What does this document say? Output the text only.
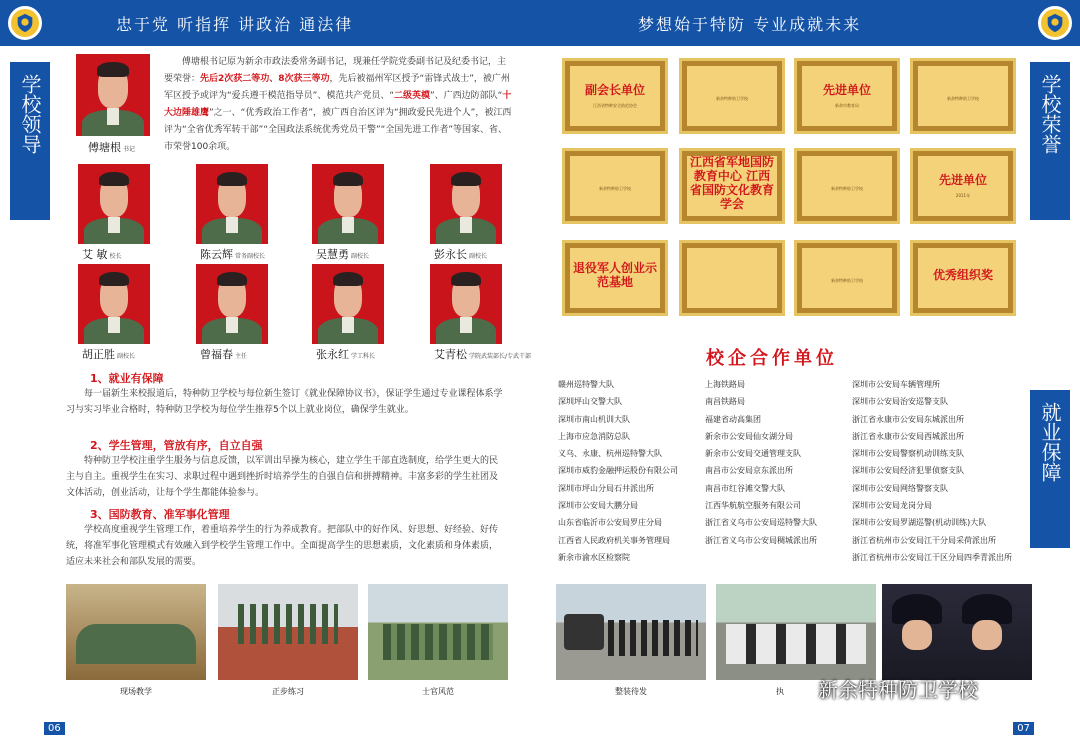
忠于党 听指挥 讲政治 通法律	梦想始于特防 专业成就未来
学校领导	学校荣誉
就业保障
傅塘根 书记
傅塘根书记原为新余市政法委常务副书记，现兼任学院党委副书记及纪委书记，主要荣誉：先后2次获二等功、8次获三等功，先后被福州军区授予“雷锋式战士”，被广州军区授予或评为“爱兵遵干模范指导员”、模范共产党员、“二级英模”、广西边防部队“十大边陲雄鹰”之一、“优秀政治工作者”，被广西自治区评为“拥政爱民先进个人”，被江西评为“全省优秀军转干部”“全国政法系统优秀党员干警”“全国先进工作者”等国家、省、市荣誉100余项。
艾 敏 校长	陈云辉 常务副校长	吴慧勇 副校长	彭永长 副校长
胡正胜 副校长	曾福春 主任	张永红 学工科长	艾青松 学院武装部长/专武干部
1、就业有保障
每一届新生来校报道后，特种防卫学校与每位新生签订《就业保障协议书》，保证学生通过专业课程体系学习与实习毕业合格时，特种防卫学校为每位学生推荐5个以上就业岗位，确保学生就业。
2、学生管理，管放有序，自立自强
特种防卫学校注重学生服务与信息反馈，以军训出早操为核心，建立学生干部直选制度，给学生更大的民主与自主。重视学生在实习、求职过程中遇到挫折时培养学生的自强自信和拼搏精神。丰富多彩的学生社团及文体活动，创业活动，让每个学生都能体验参与。
3、国防教育、准军事化管理
学校高度重视学生管理工作，着重培养学生的行为养成教育。把部队中的好作风、好思想、好经验、好传统，将准军事化管理模式有效融入到学校学生管理工作中。全面提高学生的思想素质，文化素质和身体素质，适应未来社会和部队发展的需要。
现场教学	正步练习	士官风范
副会长单位
江西省特种安全防范协会
新余特种防卫学校
先进单位
新余市教育局
新余特种防卫学校
新余特种防卫学校
江西省军地国防教育中心 江西省国防文化教育学会
新余特种防卫学校
先进单位
2011年
退役军人创业示范基地	新余特种防卫学校	优秀组织奖
校企合作单位
赣州巡特警大队
深圳坪山交警大队
深圳市南山机训大队
上海市应急消防总队
义乌、永康、杭州巡特警大队
深圳市威豹金融押运股份有限公司
深圳市坪山分局石井派出所
深圳市公安局大鹏分局
山东省临沂市公安局罗庄分局
江西省人民政府机关事务管理局
新余市渝水区检察院
上海铁路局
南昌铁路局
福建省动高集团
新余市公安局仙女湖分局
新余市公安局交通管理支队
南昌市公安局京东派出所
南昌市红谷滩交警大队
江西华航航空服务有限公司
浙江省义乌市公安局巡特警大队
浙江省义乌市公安局稠城派出所
深圳市公安局车辆管理所
深圳市公安局治安巡警支队
浙江省永康市公安局东城派出所
浙江省永康市公安局西城派出所
深圳市公安局警察机动训练支队
深圳市公安局经济犯罪侦察支队
深圳市公安局网络警察支队
深圳市公安局龙岗分局
深圳市公安局罗湖巡警(机动训练)大队
浙江省杭州市公安局江干分局采荷派出所
浙江省杭州市公安局江干区分局四季青派出所
整装待发	执	新余特种防卫学校
06	07
